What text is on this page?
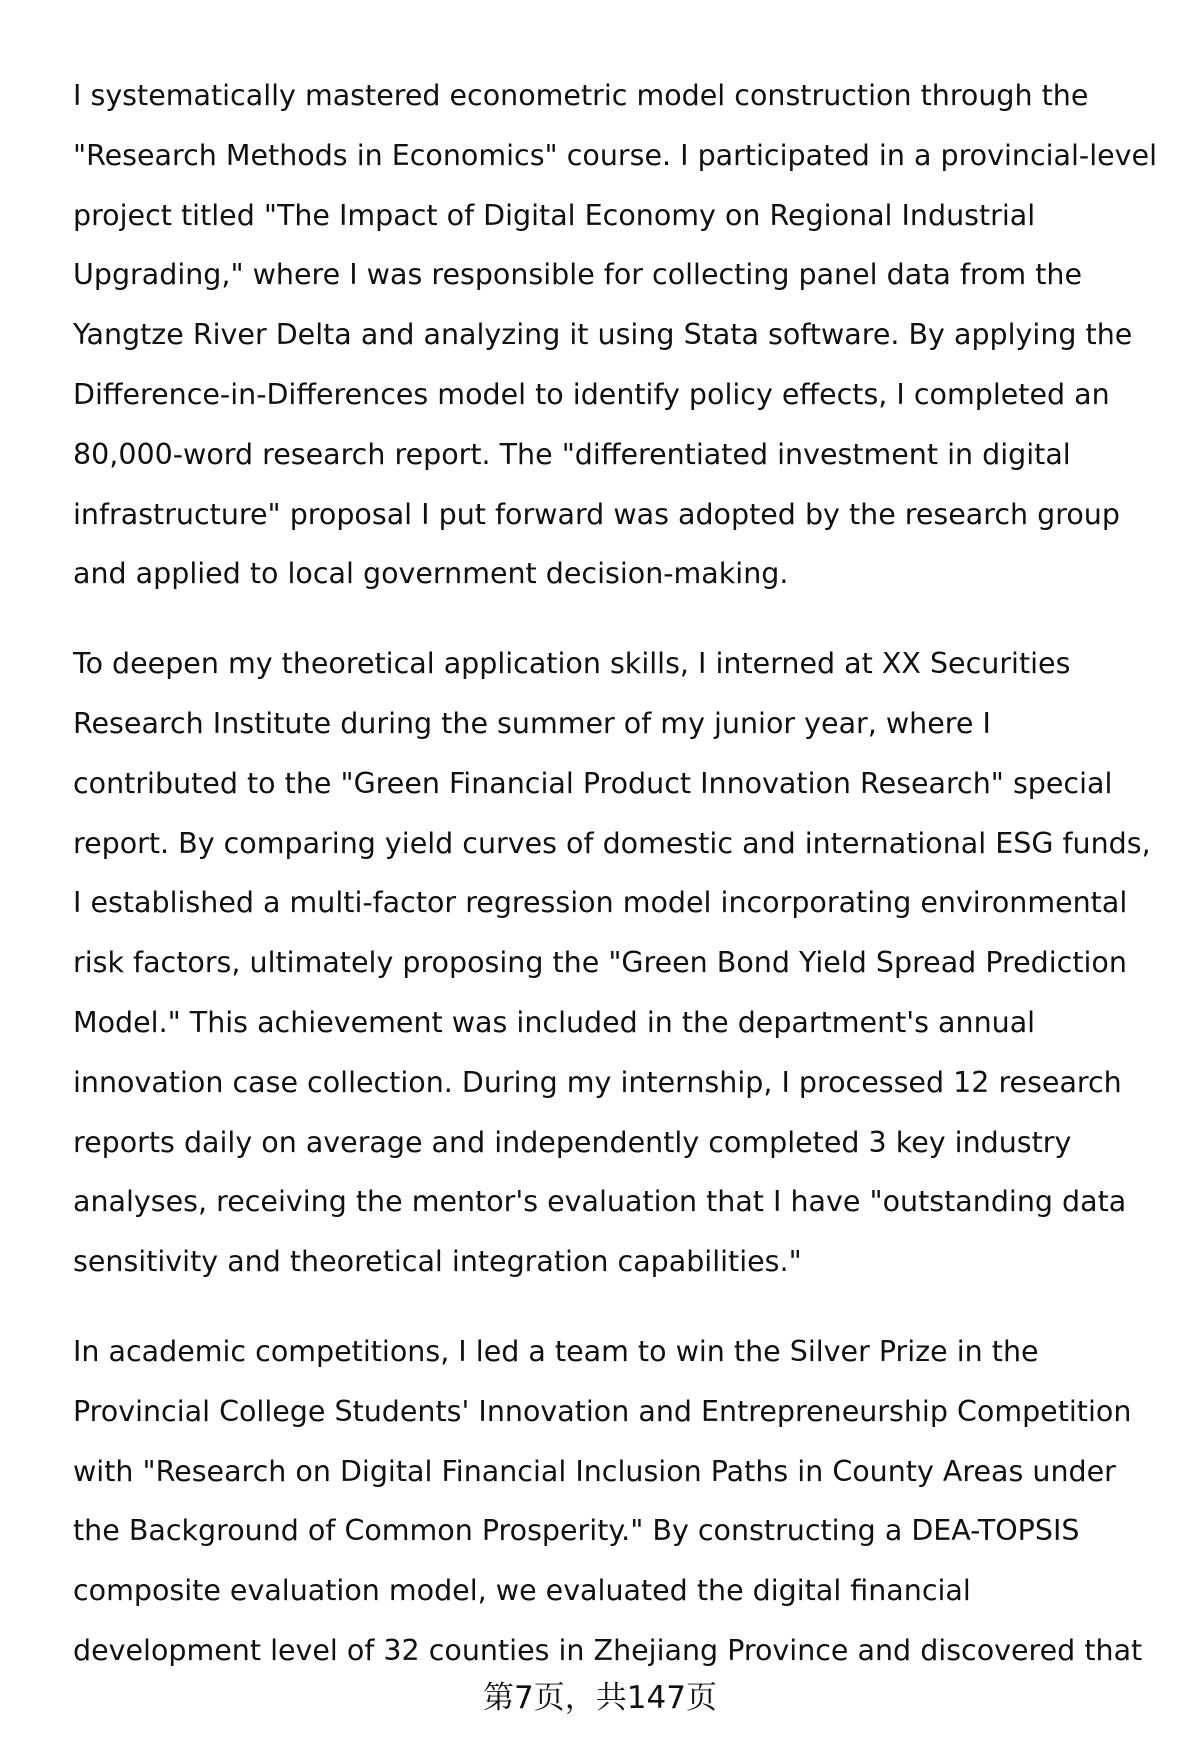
I systematically mastered econometric model construction through the
"Research Methods in Economics" course. I participated in a provincial-level
project titled "The Impact of Digital Economy on Regional Industrial
Upgrading," where I was responsible for collecting panel data from the
Yangtze River Delta and analyzing it using Stata software. By applying the
Difference-in-Differences model to identify policy effects, I completed an
80,000-word research report. The "differentiated investment in digital
infrastructure" proposal I put forward was adopted by the research group
and applied to local government decision-making.

To deepen my theoretical application skills, I interned at XX Securities
Research Institute during the summer of my junior year, where I
contributed to the "Green Financial Product Innovation Research" special
report. By comparing yield curves of domestic and international ESG funds,
I established a multi-factor regression model incorporating environmental
risk factors, ultimately proposing the "Green Bond Yield Spread Prediction
Model." This achievement was included in the department's annual
innovation case collection. During my internship, I processed 12 research
reports daily on average and independently completed 3 key industry
analyses, receiving the mentor's evaluation that I have "outstanding data
sensitivity and theoretical integration capabilities."

In academic competitions, I led a team to win the Silver Prize in the
Provincial College Students' Innovation and Entrepreneurship Competition
with "Research on Digital Financial Inclusion Paths in County Areas under
the Background of Common Prosperity." By constructing a DEA-TOPSIS
composite evaluation model, we evaluated the digital financial
development level of 32 counties in Zhejiang Province and discovered that

第7页，共147页
